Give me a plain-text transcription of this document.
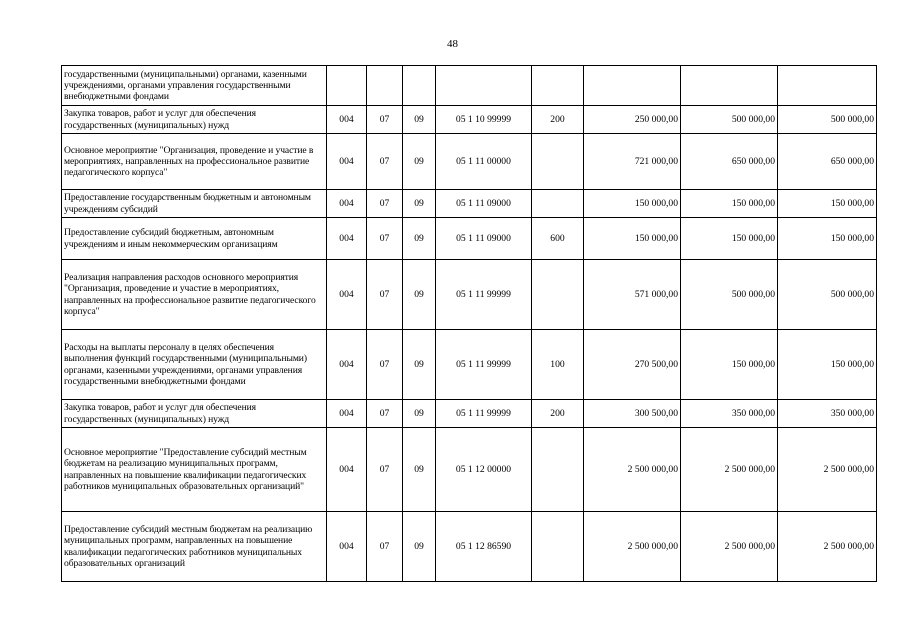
48
государственными (муниципальными) органами, казенными учреждениями, органами управления государственными внебюджетными фондами								
Закупка товаров, работ и услуг для обеспечения государственных (муниципальных) нужд	004	07	09	05 1 10 99999	200	250 000,00	500 000,00	500 000,00
Основное мероприятие "Организация, проведение и участие в мероприятиях, направленных на профессиональное развитие педагогического корпуса"	004	07	09	05 1 11 00000		721 000,00	650 000,00	650 000,00
Предоставление государственным бюджетным и автономным учреждениям субсидий	004	07	09	05 1 11 09000		150 000,00	150 000,00	150 000,00
Предоставление субсидий бюджетным, автономным учреждениям и иным некоммерческим организациям	004	07	09	05 1 11 09000	600	150 000,00	150 000,00	150 000,00
Реализация направления расходов основного мероприятия "Организация, проведение и участие в мероприятиях, направленных на профессиональное развитие педагогического корпуса"	004	07	09	05 1 11 99999		571 000,00	500 000,00	500 000,00
Расходы на выплаты персоналу в целях обеспечения выполнения функций государственными (муниципальными) органами, казенными учреждениями, органами управления государственными внебюджетными фондами	004	07	09	05 1 11 99999	100	270 500,00	150 000,00	150 000,00
Закупка товаров, работ и услуг для обеспечения государственных (муниципальных) нужд	004	07	09	05 1 11 99999	200	300 500,00	350 000,00	350 000,00
Основное мероприятие "Предоставление субсидий местным бюджетам на реализацию муниципальных программ, направленных на повышение квалификации педагогических работников муниципальных образовательных организаций"	004	07	09	05 1 12 00000		2 500 000,00	2 500 000,00	2 500 000,00
Предоставление субсидий местным бюджетам на реализацию муниципальных программ, направленных на повышение квалификации педагогических работников муниципальных образовательных организаций	004	07	09	05 1 12 86590		2 500 000,00	2 500 000,00	2 500 000,00
